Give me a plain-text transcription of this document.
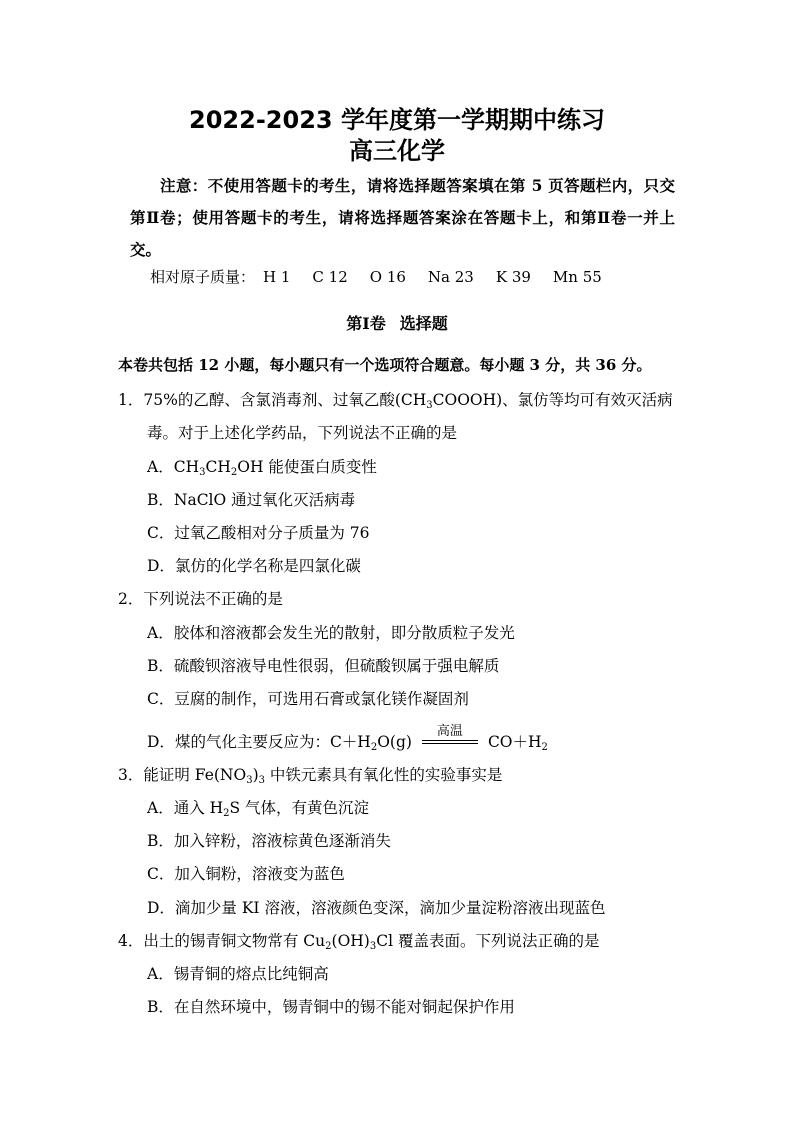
2022-2023 学年度第一学期期中练习
高三化学
注意：不使用答题卡的考生，请将选择题答案填在第 5 页答题栏内，只交第Ⅱ卷；使用答题卡的考生，请将选择题答案涂在答题卡上，和第Ⅱ卷一并上交。
相对原子质量： H 1 C 12 O 16 Na 23 K 39 Mn 55
第Ⅰ卷 选择题
本卷共包括 12 小题，每小题只有一个选项符合题意。每小题 3 分，共 36 分。
1．75%的乙醇、含氯消毒剂、过氧乙酸$(CH_3COOOH)$、氯仿等均可有效灭活病
毒。对于上述化学药品，下列说法不正确的是
A．$CH_3CH_2OH$ 能使蛋白质变性
B．NaClO 通过氧化灭活病毒
C．过氧乙酸相对分子质量为 76
D．氯仿的化学名称是四氯化碳
2．下列说法不正确的是
A．胶体和溶液都会发生光的散射，即分散质粒子发光
B．硫酸钡溶液导电性很弱，但硫酸钡属于强电解质
C．豆腐的制作，可选用石膏或氯化镁作凝固剂
D．煤的气化主要反应为：$C+H_2O(g)$
高温
$CO+H_2$
3．能证明 $Fe(NO_3)_3$ 中铁元素具有氧化性的实验事实是
A．通入 $H_2S$ 气体，有黄色沉淀
B．加入锌粉，溶液棕黄色逐渐消失
C．加入铜粉，溶液变为蓝色
D．滴加少量 KI 溶液，溶液颜色变深，滴加少量淀粉溶液出现蓝色
4．出土的锡青铜文物常有 $Cu_2(OH)_3Cl$ 覆盖表面。下列说法正确的是
A．锡青铜的熔点比纯铜高
B．在自然环境中，锡青铜中的锡不能对铜起保护作用
